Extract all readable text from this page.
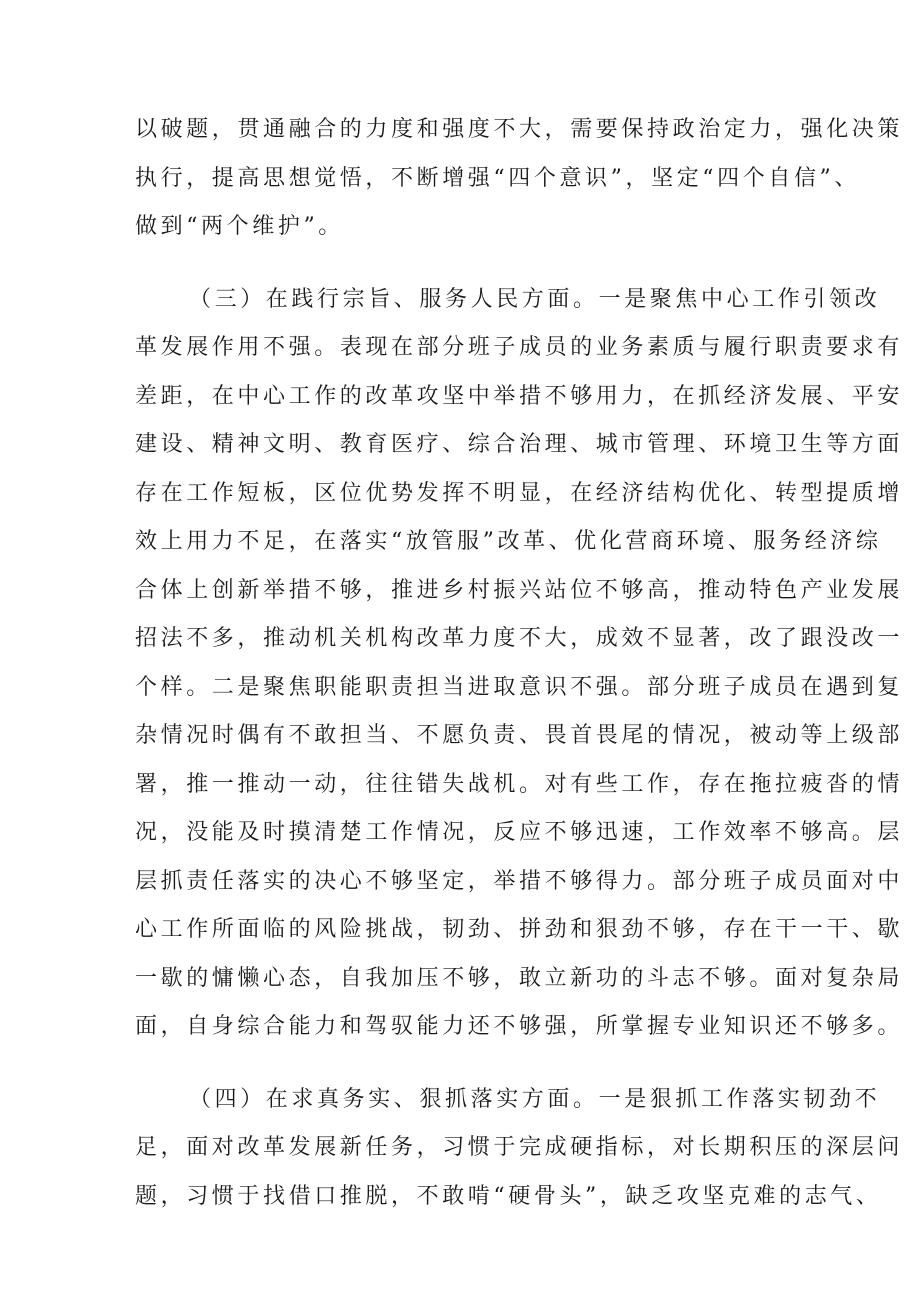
以破题，贯通融合的力度和强度不大，需要保持政治定力，强化决策
执行，提高思想觉悟，不断增强“四个意识”，坚定“四个自信”、
做到“两个维护”。
（三）在践行宗旨、服务人民方面。一是聚焦中心工作引领改
革发展作用不强。表现在部分班子成员的业务素质与履行职责要求有
差距，在中心工作的改革攻坚中举措不够用力，在抓经济发展、平安
建设、精神文明、教育医疗、综合治理、城市管理、环境卫生等方面
存在工作短板，区位优势发挥不明显，在经济结构优化、转型提质增
效上用力不足，在落实“放管服”改革、优化营商环境、服务经济综
合体上创新举措不够，推进乡村振兴站位不够高，推动特色产业发展
招法不多，推动机关机构改革力度不大，成效不显著，改了跟没改一
个样。二是聚焦职能职责担当进取意识不强。部分班子成员在遇到复
杂情况时偶有不敢担当、不愿负责、畏首畏尾的情况，被动等上级部
署，推一推动一动，往往错失战机。对有些工作，存在拖拉疲沓的情
况，没能及时摸清楚工作情况，反应不够迅速，工作效率不够高。层
层抓责任落实的决心不够坚定，举措不够得力。部分班子成员面对中
心工作所面临的风险挑战，韧劲、拼劲和狠劲不够，存在干一干、歇
一歇的慵懒心态，自我加压不够，敢立新功的斗志不够。面对复杂局
面，自身综合能力和驾驭能力还不够强，所掌握专业知识还不够多。
（四）在求真务实、狠抓落实方面。一是狠抓工作落实韧劲不
足，面对改革发展新任务，习惯于完成硬指标，对长期积压的深层问
题，习惯于找借口推脱，不敢啃“硬骨头”，缺乏攻坚克难的志气、
